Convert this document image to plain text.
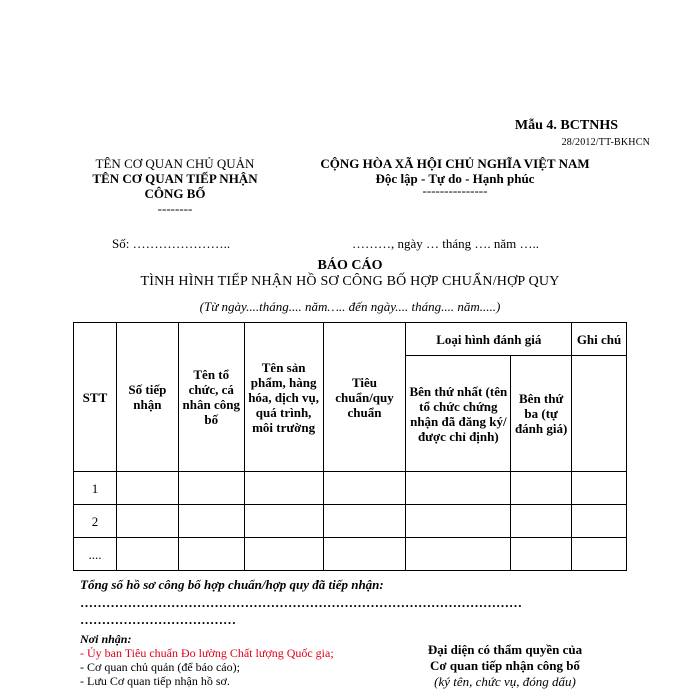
Mẫu 4. BCTNHS
28/2012/TT-BKHCN
TÊN CƠ QUAN CHỦ QUẢN
TÊN CƠ QUAN TIẾP NHẬN
CÔNG BỐ
--------
CỘNG HÒA XÃ HỘI CHỦ NGHĨA VIỆT NAM
Độc lập - Tự do - Hạnh phúc
---------------
Số: …………………..	………, ngày … tháng …. năm …..
BÁO CÁO
TÌNH HÌNH TIẾP NHẬN HỒ SƠ CÔNG BỐ HỢP CHUẨN/HỢP QUY
(Từ ngày....tháng.... năm….. đến ngày.... tháng.... năm.....)
STT	Số tiếp nhận	Tên tổ chức, cá nhân công bố	Tên sản phẩm, hàng hóa, dịch vụ, quá trình, môi trường	Tiêu chuẩn/quy chuẩn	Loại hình đánh giá		Ghi chú
					Bên thứ nhất (tên tổ chức chứng nhận đã đăng ký/được chỉ định)	Bên thứ ba (tự đánh giá)	
1							
2							
....							
Tổng số hồ sơ công bố hợp chuẩn/hợp quy đã tiếp nhận:
…………………………………………………………………………………………
………………………………
Nơi nhận:
- Ủy ban Tiêu chuẩn Đo lường Chất lượng Quốc gia;
- Cơ quan chủ quản (để báo cáo);
- Lưu Cơ quan tiếp nhận hồ sơ.
Đại diện có thẩm quyền của
Cơ quan tiếp nhận công bố
(ký tên, chức vụ, đóng dấu)
